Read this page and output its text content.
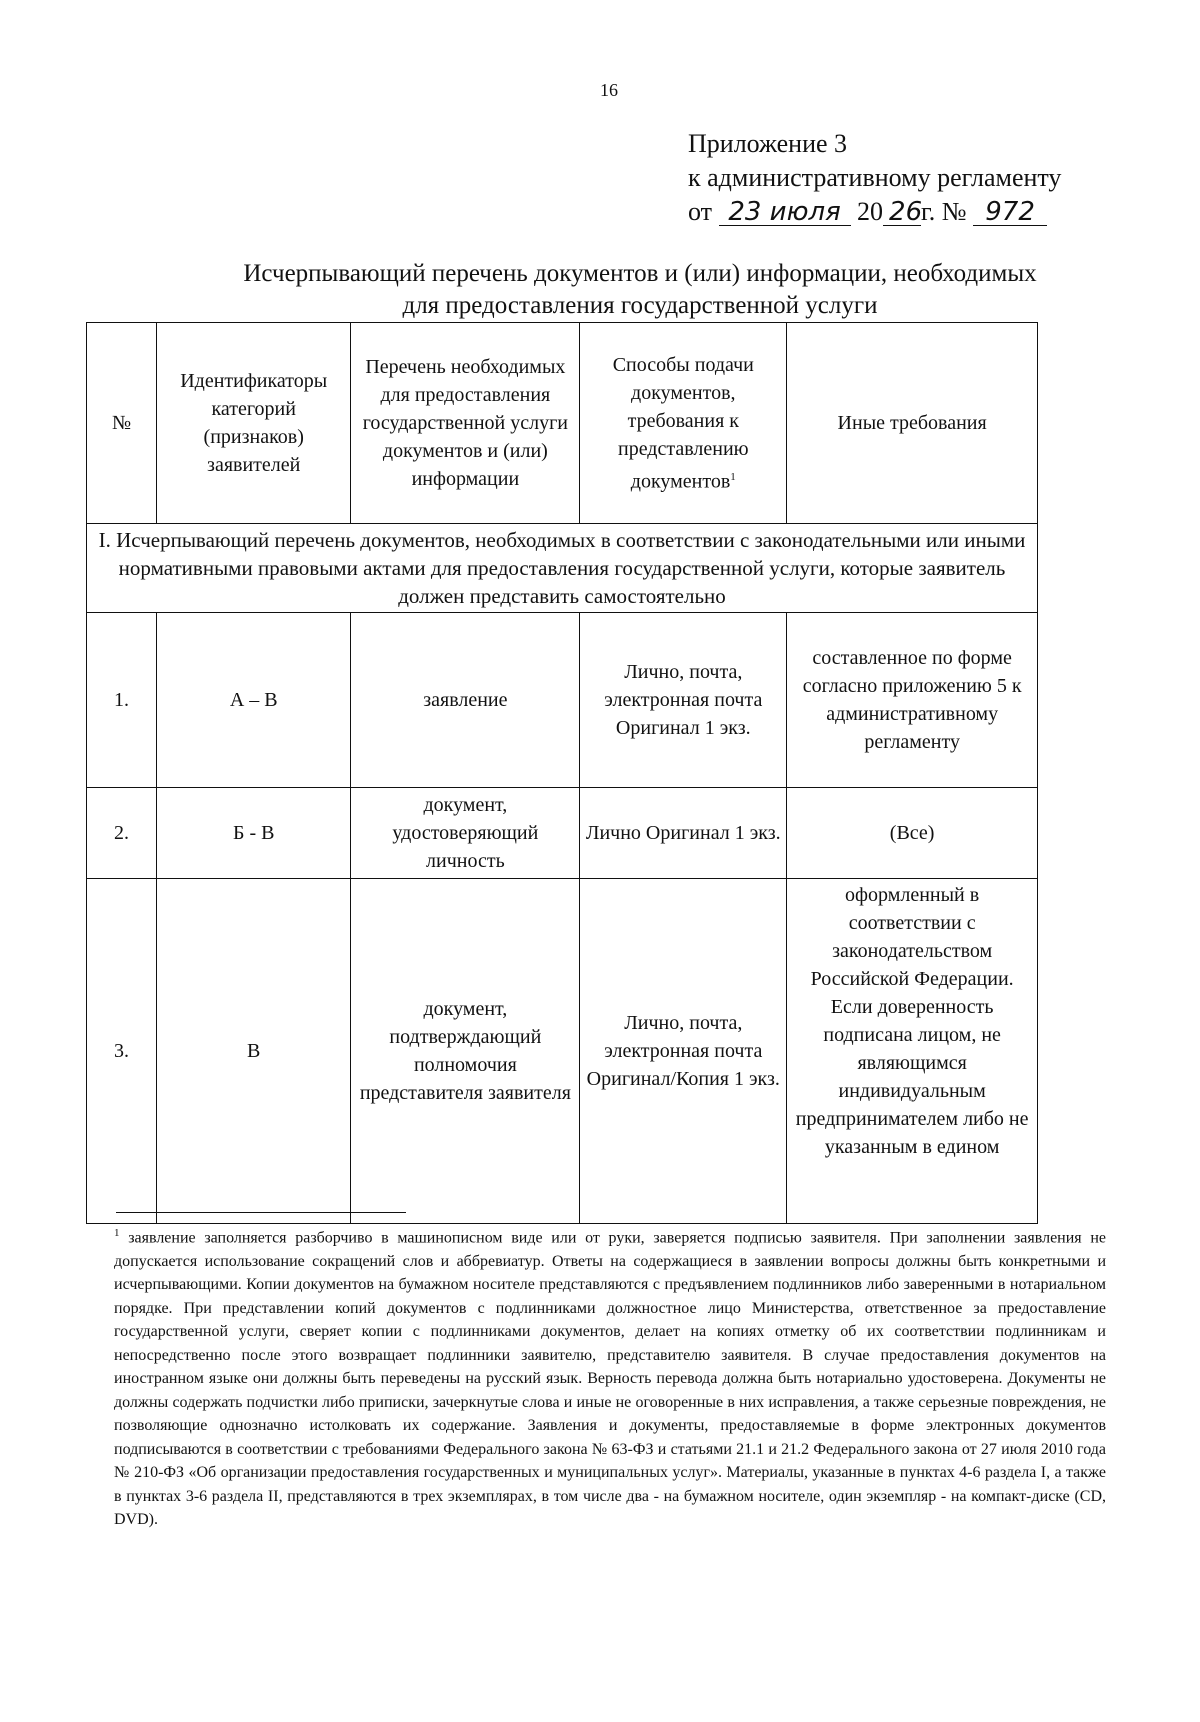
16
Приложение 3
к административному регламенту
от 23 июля 20 26г. № 972
Исчерпывающий перечень документов и (или) информации, необходимых
для предоставления государственной услуги
№	Идентификаторы категорий (признаков) заявителей	Перечень необходимых для предоставления государственной услуги документов и (или) информации	Способы подачи документов, требования к представлению документов$^1$	Иные требования
I. Исчерпывающий перечень документов, необходимых в соответствии с законодательными или иными нормативными правовыми актами для предоставления государственной услуги, которые заявитель должен представить самостоятельно				
1.	А – В	заявление	Лично, почта, электронная почта Оригинал 1 экз.	составленное по форме согласно приложению 5 к административному регламенту
2.	Б - В	документ, удостоверяющий личность	Лично Оригинал 1 экз.	(Все)
3.	В	документ, подтверждающий полномочия представителя заявителя	Лично, почта, электронная почта Оригинал/Копия 1 экз.	оформленный в соответствии с законодательством Российской Федерации. Если доверенность подписана лицом, не являющимся индивидуальным предпринимателем либо не указанным в едином
$^1$ заявление заполняется разборчиво в машинописном виде или от руки, заверяется подписью заявителя. При заполнении заявления не допускается использование сокращений слов и аббревиатур. Ответы на содержащиеся в заявлении вопросы должны быть конкретными и исчерпывающими. Копии документов на бумажном носителе представляются с предъявлением подлинников либо заверенными в нотариальном порядке. При представлении копий документов с подлинниками должностное лицо Министерства, ответственное за предоставление государственной услуги, сверяет копии с подлинниками документов, делает на копиях отметку об их соответствии подлинникам и непосредственно после этого возвращает подлинники заявителю, представителю заявителя. В случае предоставления документов на иностранном языке они должны быть переведены на русский язык. Верность перевода должна быть нотариально удостоверена. Документы не должны содержать подчистки либо приписки, зачеркнутые слова и иные не оговоренные в них исправления, а также серьезные повреждения, не позволяющие однозначно истолковать их содержание. Заявления и документы, предоставляемые в форме электронных документов подписываются в соответствии с требованиями Федерального закона № 63-ФЗ и статьями 21.1 и 21.2 Федерального закона от 27 июля 2010 года № 210-ФЗ «Об организации предоставления государственных и муниципальных услуг». Материалы, указанные в пунктах 4-6 раздела I, а также в пунктах 3-6 раздела II, представляются в трех экземплярах, в том числе два - на бумажном носителе, один экземпляр - на компакт-диске (CD, DVD).
